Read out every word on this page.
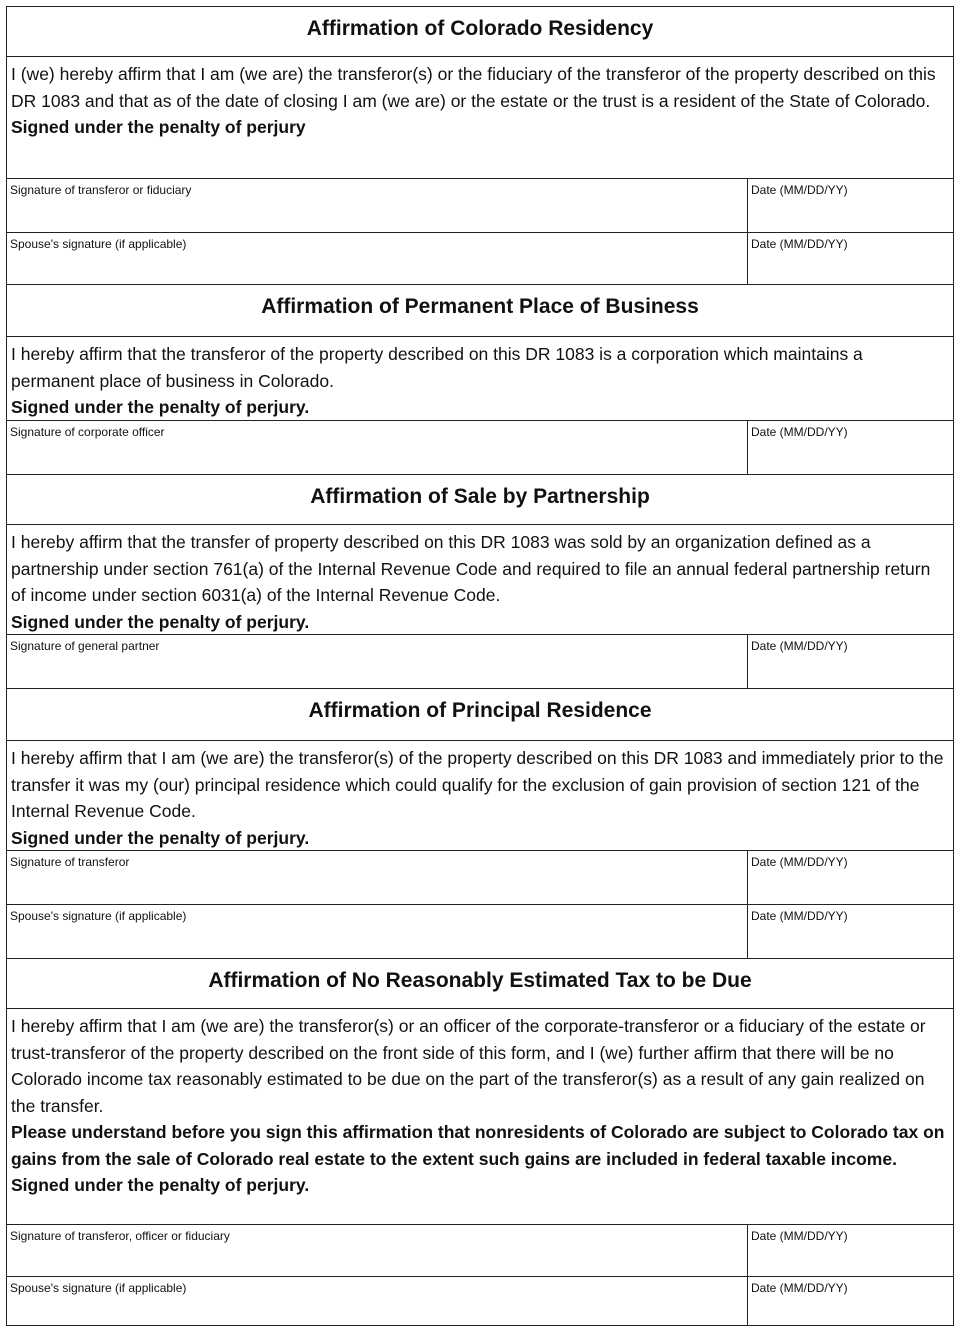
Affirmation of Colorado Residency

I (we) hereby affirm that I am (we are) the transferor(s) or the fiduciary of the transferor of the property described on this DR 1083 and that as of the date of closing I am (we are) or the estate or the trust is a resident of the State of Colorado.

Signed under the penalty of perjury

Signature of transferor or fiduciary	Date (MM/DD/YY)
Spouse's signature (if applicable)	Date (MM/DD/YY)
Affirmation of Permanent Place of Business

I hereby affirm that the transferor of the property described on this DR 1083 is a corporation which maintains a permanent place of business in Colorado.

Signed under the penalty of perjury.

Signature of corporate officer	Date (MM/DD/YY)
Affirmation of Sale by Partnership

I hereby affirm that the transfer of property described on this DR 1083 was sold by an organization defined as a partnership under section 761(a) of the Internal Revenue Code and required to file an annual federal partnership return of income under section 6031(a) of the Internal Revenue Code.

Signed under the penalty of perjury.

Signature of general partner	Date (MM/DD/YY)
Affirmation of Principal Residence

I hereby affirm that I am (we are) the transferor(s) of the property described on this DR 1083 and immediately prior to the transfer it was my (our) principal residence which could qualify for the exclusion of gain provision of section 121 of the Internal Revenue Code.

Signed under the penalty of perjury.

Signature of transferor	Date (MM/DD/YY)
Spouse's signature (if applicable)	Date (MM/DD/YY)
Affirmation of No Reasonably Estimated Tax to be Due

I hereby affirm that I am (we are) the transferor(s) or an officer of the corporate-transferor or a fiduciary of the estate or trust-transferor of the property described on the front side of this form, and I (we) further affirm that there will be no Colorado income tax reasonably estimated to be due on the part of the transferor(s) as a result of any gain realized on the transfer.

Please understand before you sign this affirmation that nonresidents of Colorado are subject to Colorado tax on gains from the sale of Colorado real estate to the extent such gains are included in federal taxable income.

Signed under the penalty of perjury.

Signature of transferor, officer or fiduciary	Date (MM/DD/YY)
Spouse's signature (if applicable)	Date (MM/DD/YY)
